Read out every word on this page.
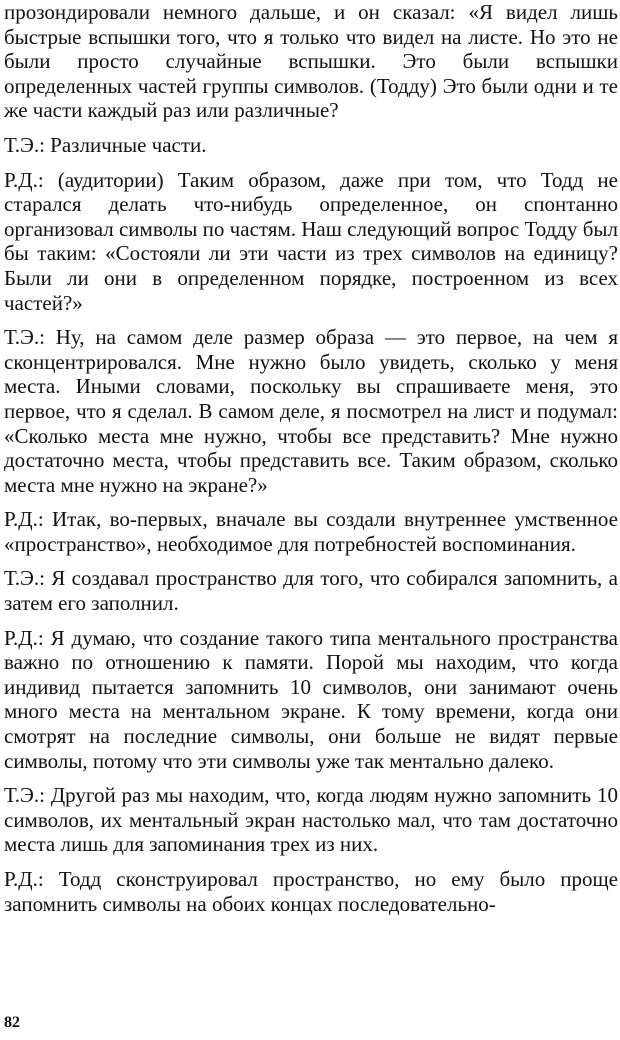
прозондировали немного дальше, и он сказал: «Я видел лишь быстрые вспышки того, что я только что видел на листе. Но это не были просто случайные вспышки. Это были вспышки определенных частей группы символов. (Тодду) Это были одни и те же части каждый раз или различные?

Т.Э.: Различные части.

Р.Д.: (аудитории) Таким образом, даже при том, что Тодд не старался делать что-нибудь определенное, он спонтанно организовал символы по частям. Наш следующий вопрос Тодду был бы таким: «Состояли ли эти части из трех символов на единицу? Были ли они в определенном порядке, построенном из всех частей?»

Т.Э.: Ну, на самом деле размер образа — это первое, на чем я сконцентрировался. Мне нужно было увидеть, сколько у меня места. Иными словами, поскольку вы спрашиваете меня, это первое, что я сделал. В самом деле, я посмотрел на лист и подумал: «Сколько места мне нужно, чтобы все представить? Мне нужно достаточно места, чтобы представить все. Таким образом, сколько места мне нужно на экране?»

Р.Д.: Итак, во-первых, вначале вы создали внутреннее умственное «пространство», необходимое для потребностей воспоминания.

Т.Э.: Я создавал пространство для того, что собирался запомнить, а затем его заполнил.

Р.Д.: Я думаю, что создание такого типа ментального пространства важно по отношению к памяти. Порой мы находим, что когда индивид пытается запомнить 10 символов, они занимают очень много места на ментальном экране. К тому времени, когда они смотрят на последние символы, они больше не видят первые символы, потому что эти символы уже так ментально далеко.

Т.Э.: Другой раз мы находим, что, когда людям нужно запомнить 10 символов, их ментальный экран настолько мал, что там достаточно места лишь для запоминания трех из них.

Р.Д.: Тодд сконструировал пространство, но ему было проще запомнить символы на обоих концах последовательно-

82
